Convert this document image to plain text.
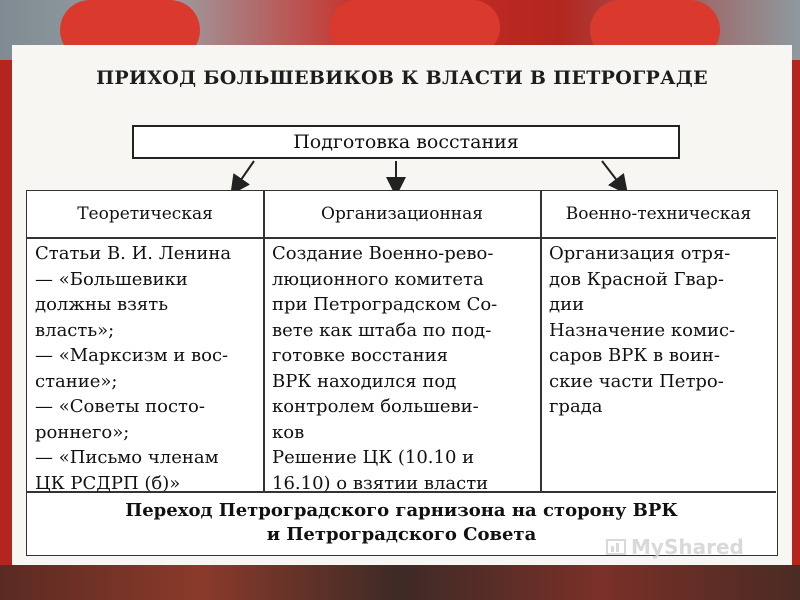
ПРИХОД БОЛЬШЕВИКОВ К ВЛАСТИ В ПЕТРОГРАДЕ
Подготовка восстания
Теоретическая	Организационная	Военно-техническая
Статьи В. И. Ленина
— «Большевики
должны взять
власть»;
— «Марксизм и вос-
стание»;
— «Советы посто-
роннего»;
— «Письмо членам
ЦК РСДРП (б)»
Создание Военно-рево-
люционного комитета
при Петроградском Со-
вете как штаба по под-
готовке восстания
ВРК находился под
контролем большеви-
ков
Решение ЦК (10.10 и
16.10) о взятии власти
Организация отря-
дов Красной Гвар-
дии
Назначение комис-
саров ВРК в воин-
ские части Петро-
града
Переход Петроградского гарнизона на сторону ВРК
и Петроградского Совета
MyShared
